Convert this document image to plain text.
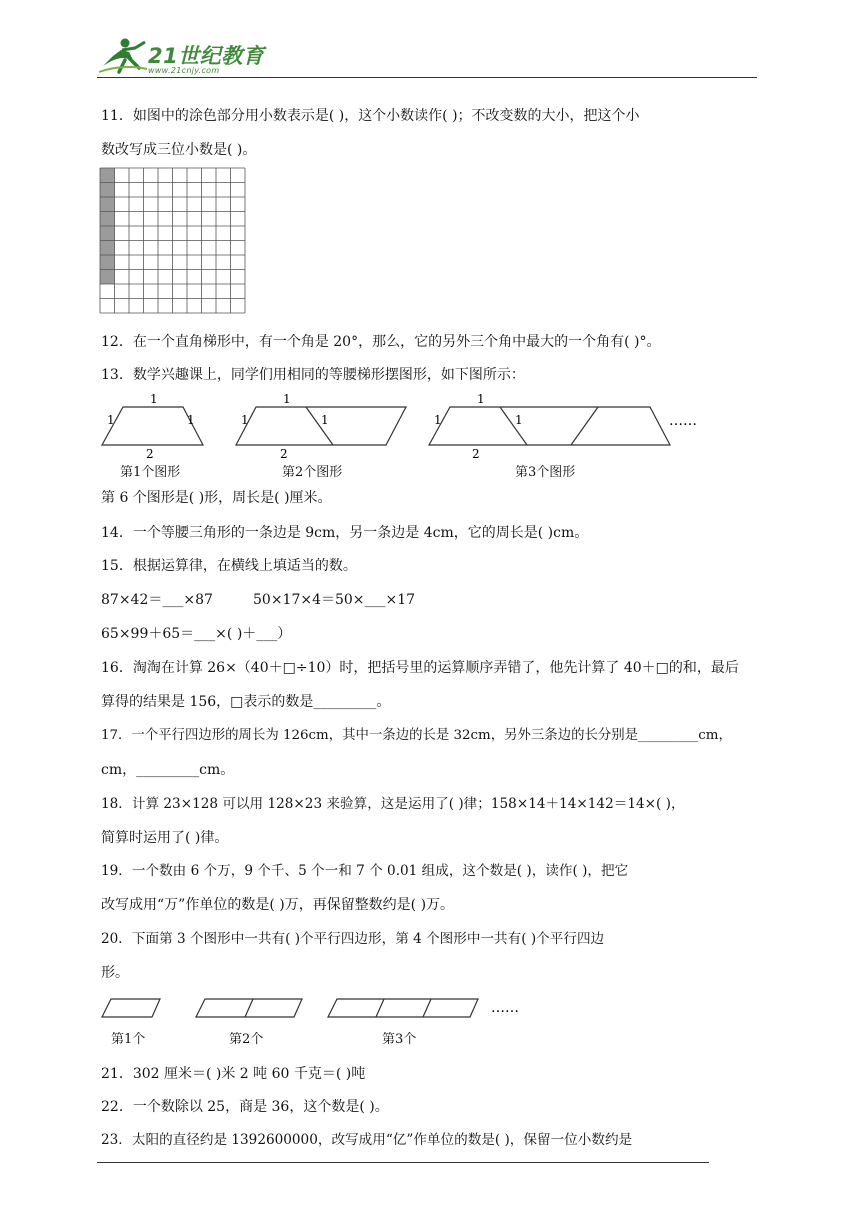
21世纪教育
www.21cnjy.com
11．如图中的涂色部分用小数表示是( )，这个小数读作( )；不改变数的大小，把这个小
数改写成三位小数是( )。
12．在一个直角梯形中，有一个角是 20°，那么，它的另外三个角中最大的一个角有( )°。
13．数学兴趣课上，同学们用相同的等腰梯形摆图形，如下图所示：
1
1	1
2
1
1	1
2
1
1	1
2
……
第1个图形	第2个图形	第3个图形
第 6 个图形是( )形，周长是( )厘米。
14．一个等腰三角形的一条边是 9cm，另一条边是 4cm，它的周长是( )cm。
15．根据运算律，在横线上填适当的数。
87×42＝___×87	50×17×4＝50×___×17
65×99＋65＝___×( )＋___）
16．淘淘在计算 26×（40＋□÷10）时，把括号里的运算顺序弄错了，他先计算了 40＋□的和，最后
算得的结果是 156，□表示的数是_________。
17．一个平行四边形的周长为 126cm，其中一条边的长是 32cm，另外三条边的长分别是_________cm，
cm，_________cm。
18．计算 23×128 可以用 128×23 来验算，这是运用了( )律；158×14＋14×142＝14×( )，
简算时运用了( )律。
19．一个数由 6 个万，9 个千、5 个一和 7 个 0.01 组成，这个数是( )，读作( )，把它
改写成用“万”作单位的数是( )万，再保留整数约是( )万。
20．下面第 3 个图形中一共有( )个平行四边形，第 4 个图形中一共有( )个平行四边
形。
……
第1个	第2个	第3个
21．302 厘米＝( )米 2 吨 60 千克＝( )吨
22．一个数除以 25，商是 36，这个数是( )。
23．太阳的直径约是 1392600000，改写成用“亿”作单位的数是( )，保留一位小数约是
